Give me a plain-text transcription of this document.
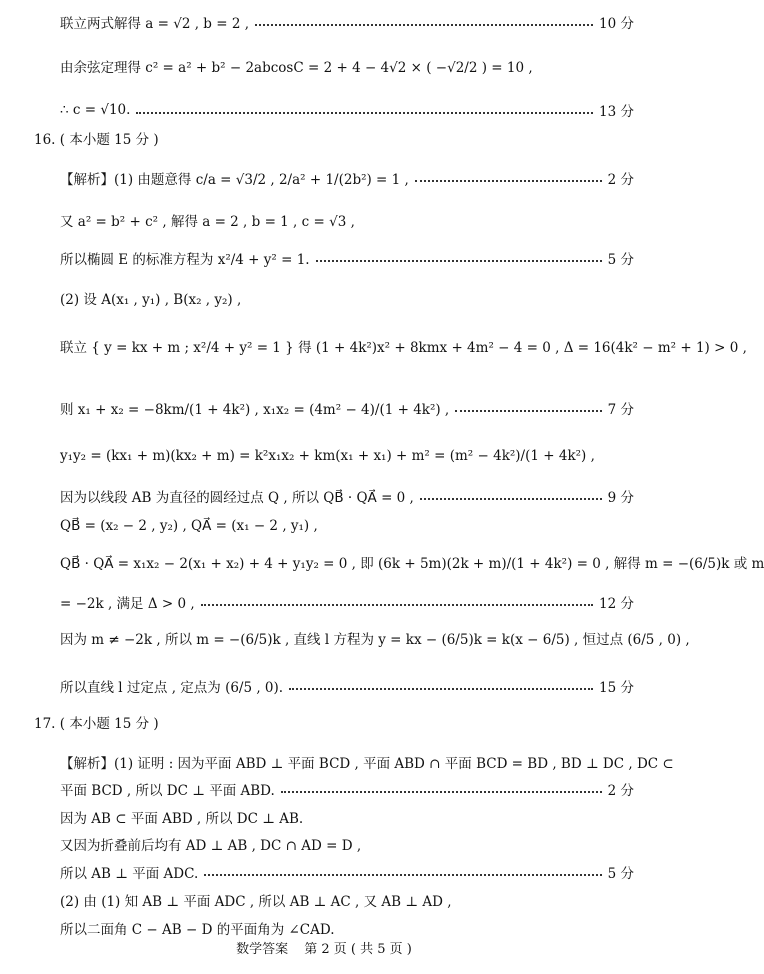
联立两式解得 a = √2 , b = 2 ,	10 分
由余弦定理得 c² = a² + b² − 2abcosC = 2 + 4 − 4√2 × ( −√2/2 ) = 10 ,
∴ c = √10.	13 分
16. ( 本小题 15 分 )
【解析】(1) 由题意得 c/a = √3/2 , 2/a² + 1/(2b²) = 1 ,	2 分
又 a² = b² + c² , 解得 a = 2 , b = 1 , c = √3 ,
所以椭圆 E 的标准方程为 x²/4 + y² = 1.	5 分
(2) 设 A(x₁ , y₁) , B(x₂ , y₂) ,
联立 { y = kx + m ; x²/4 + y² = 1 } 得 (1 + 4k²)x² + 8kmx + 4m² − 4 = 0 , Δ = 16(4k² − m² + 1) > 0 ,
则 x₁ + x₂ = −8km/(1 + 4k²) , x₁x₂ = (4m² − 4)/(1 + 4k²) ,	7 分
y₁y₂ = (kx₁ + m)(kx₂ + m) = k²x₁x₂ + km(x₁ + x₁) + m² = (m² − 4k²)/(1 + 4k²) ,
因为以线段 AB 为直径的圆经过点 Q , 所以 QB⃗ · QA⃗ = 0 ,	9 分
QB⃗ = (x₂ − 2 , y₂) , QA⃗ = (x₁ − 2 , y₁) ,
QB⃗ · QA⃗ = x₁x₂ − 2(x₁ + x₂) + 4 + y₁y₂ = 0 , 即 (6k + 5m)(2k + m)/(1 + 4k²) = 0 , 解得 m = −(6/5)k 或 m
= −2k , 满足 Δ > 0 ,	12 分
因为 m ≠ −2k , 所以 m = −(6/5)k , 直线 l 方程为 y = kx − (6/5)k = k(x − 6/5) , 恒过点 (6/5 , 0) ,
所以直线 l 过定点 , 定点为 (6/5 , 0).	15 分
17. ( 本小题 15 分 )
【解析】(1) 证明 : 因为平面 ABD ⊥ 平面 BCD , 平面 ABD ∩ 平面 BCD = BD , BD ⊥ DC , DC ⊂
平面 BCD , 所以 DC ⊥ 平面 ABD.	2 分
因为 AB ⊂ 平面 ABD , 所以 DC ⊥ AB.
又因为折叠前后均有 AD ⊥ AB , DC ∩ AD = D ,
所以 AB ⊥ 平面 ADC.	5 分
(2) 由 (1) 知 AB ⊥ 平面 ADC , 所以 AB ⊥ AC , 又 AB ⊥ AD ,
所以二面角 C − AB − D 的平面角为 ∠CAD.
数学答案 第 2 页 ( 共 5 页 )
